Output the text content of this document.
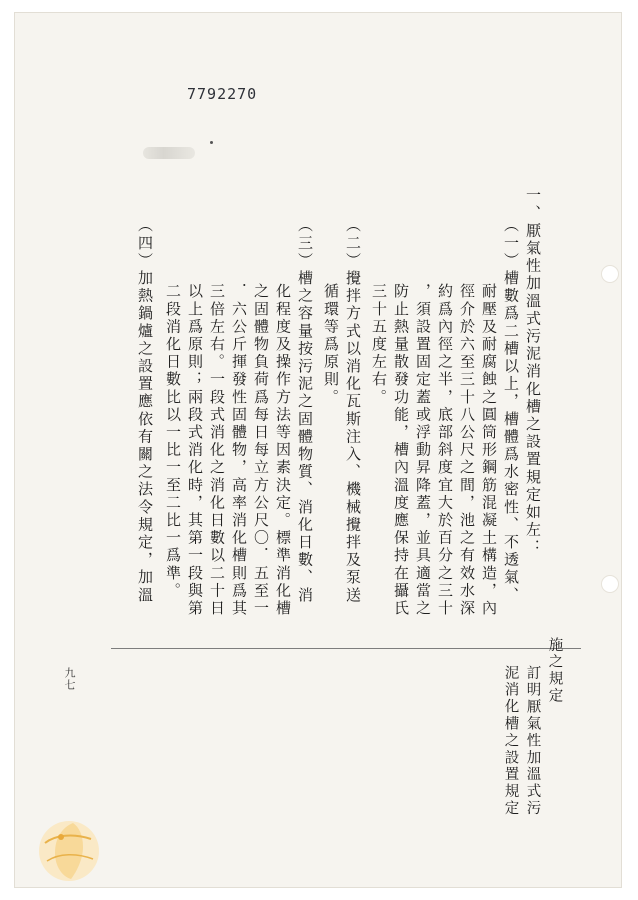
7792270
一、厭氣性加溫式污泥消化槽之設置規定如左：
（一）槽數爲二槽以上，槽體爲水密性、不透氣、
耐壓及耐腐蝕之圓筒形鋼筋混凝土構造，內
徑介於六至三十八公尺之間，池之有效水深
約爲內徑之半，底部斜度宜大於百分之三十
，須設置固定蓋或浮動昇降蓋，並具適當之
防止熱量散發功能，槽內溫度應保持在攝氏
三十五度左右。
（二）攪拌方式以消化瓦斯注入、機械攪拌及泵送
循環等爲原則。
（三）槽之容量按污泥之固體物質、消化日數、消
化程度及操作方法等因素決定。標準消化槽
之固體物負荷爲每日每立方公尺〇．五至一
．六公斤揮發性固體物，高率消化槽則爲其
三倍左右。一段式消化之消化日數以二十日
以上爲原則；兩段式消化時，其第一段與第
二段消化日數比以一比一至二比一爲準。
（四）加熱鍋爐之設置應依有關之法令規定，加溫
訂明厭氣性加溫式污
泥消化槽之設置規定 施之規定
九七
